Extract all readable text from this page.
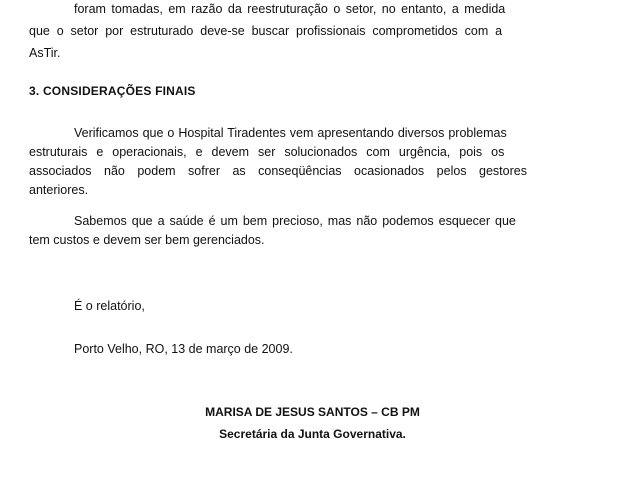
foram tomadas, em razão da reestruturação o setor, no entanto, a medida
que o setor por estruturado deve-se buscar profissionais comprometidos com a
AsTir.
3. CONSIDERAÇÕES FINAIS
Verificamos que o Hospital Tiradentes vem apresentando diversos problemas
estruturais e operacionais, e devem ser solucionados com urgência, pois os
associados não podem sofrer as conseqüências ocasionados pelos gestores
anteriores.
Sabemos que a saúde é um bem precioso, mas não podemos esquecer que
tem custos e devem ser bem gerenciados.
É o relatório,
Porto Velho, RO, 13 de março de 2009.
MARISA DE JESUS SANTOS – CB PM
Secretária da Junta Governativa.
